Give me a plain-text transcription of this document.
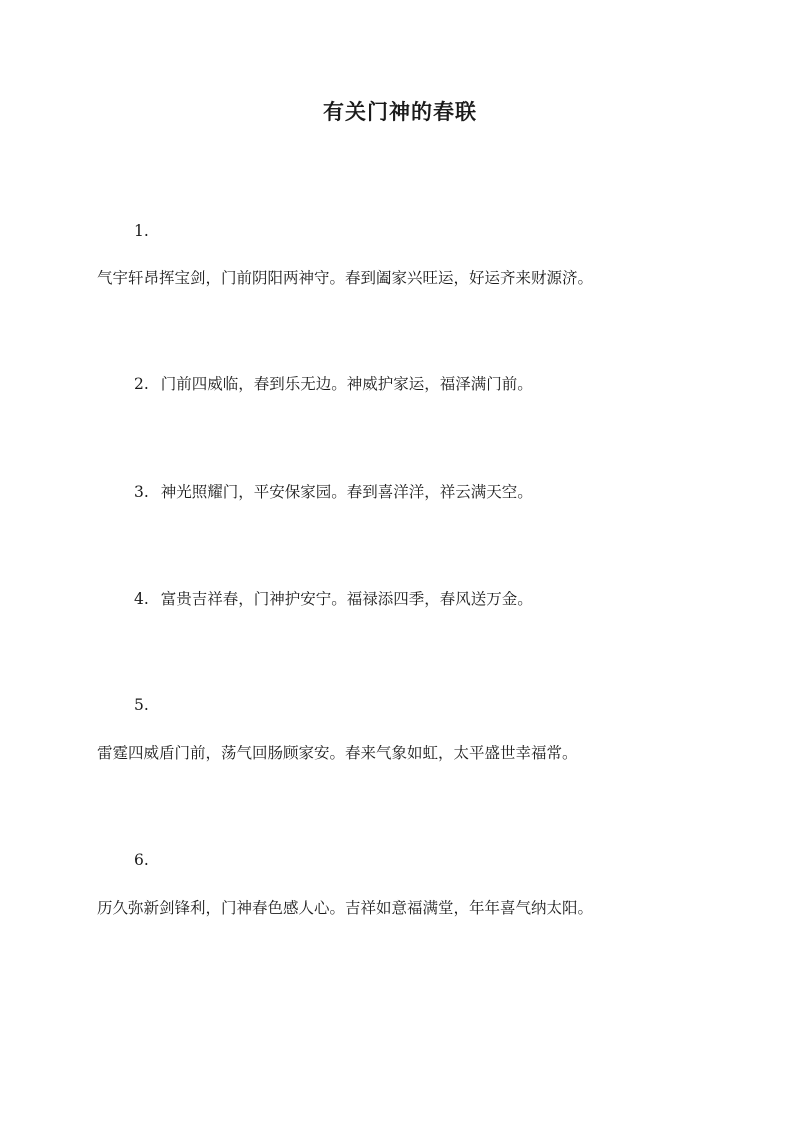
有关门神的春联

1.

气宇轩昂挥宝剑，门前阴阳两神守。春到阖家兴旺运，好运齐来财源济。

2. 门前四威临，春到乐无边。神威护家运，福泽满门前。

3. 神光照耀门，平安保家园。春到喜洋洋，祥云满天空。

4. 富贵吉祥春，门神护安宁。福禄添四季，春风送万金。

5.

雷霆四威盾门前，荡气回肠顾家安。春来气象如虹，太平盛世幸福常。

6.

历久弥新剑锋利，门神春色感人心。吉祥如意福满堂，年年喜气纳太阳。
